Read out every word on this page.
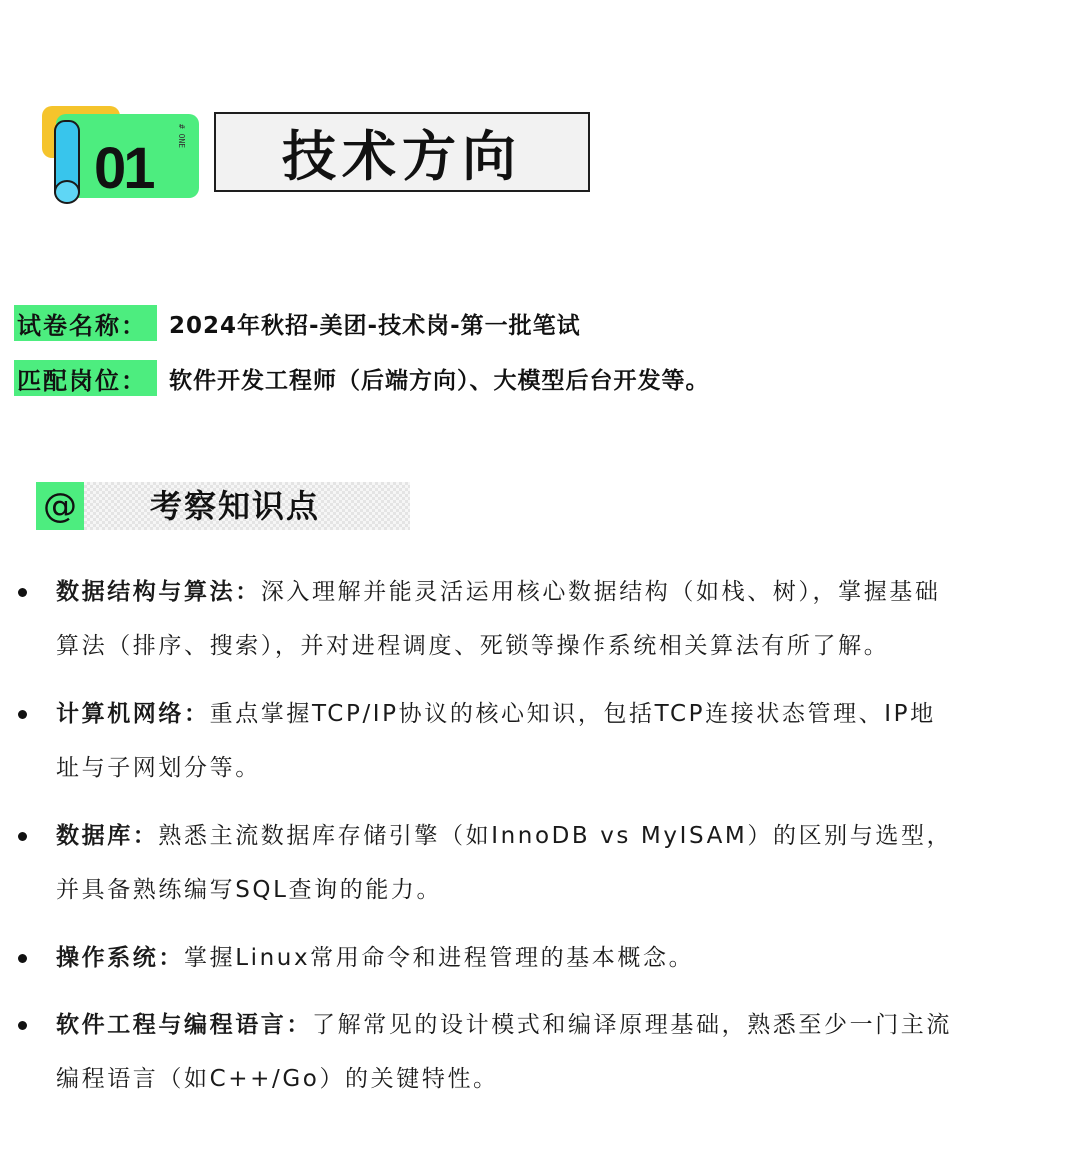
01	# ONE	技术方向
试卷名称： 2024年秋招-美团-技术岗-第一批笔试
匹配岗位： 软件开发工程师（后端方向）、大模型后台开发等。
@ 考察知识点
数据结构与算法：深入理解并能灵活运用核心数据结构（如栈、树），掌握基础
算法（排序、搜索），并对进程调度、死锁等操作系统相关算法有所了解。
计算机网络：重点掌握TCP/IP协议的核心知识，包括TCP连接状态管理、IP地
址与子网划分等。
数据库：熟悉主流数据库存储引擎（如InnoDB vs MyISAM）的区别与选型，
并具备熟练编写SQL查询的能力。
操作系统：掌握Linux常用命令和进程管理的基本概念。
软件工程与编程语言：了解常见的设计模式和编译原理基础，熟悉至少一门主流
编程语言（如C++/Go）的关键特性。
